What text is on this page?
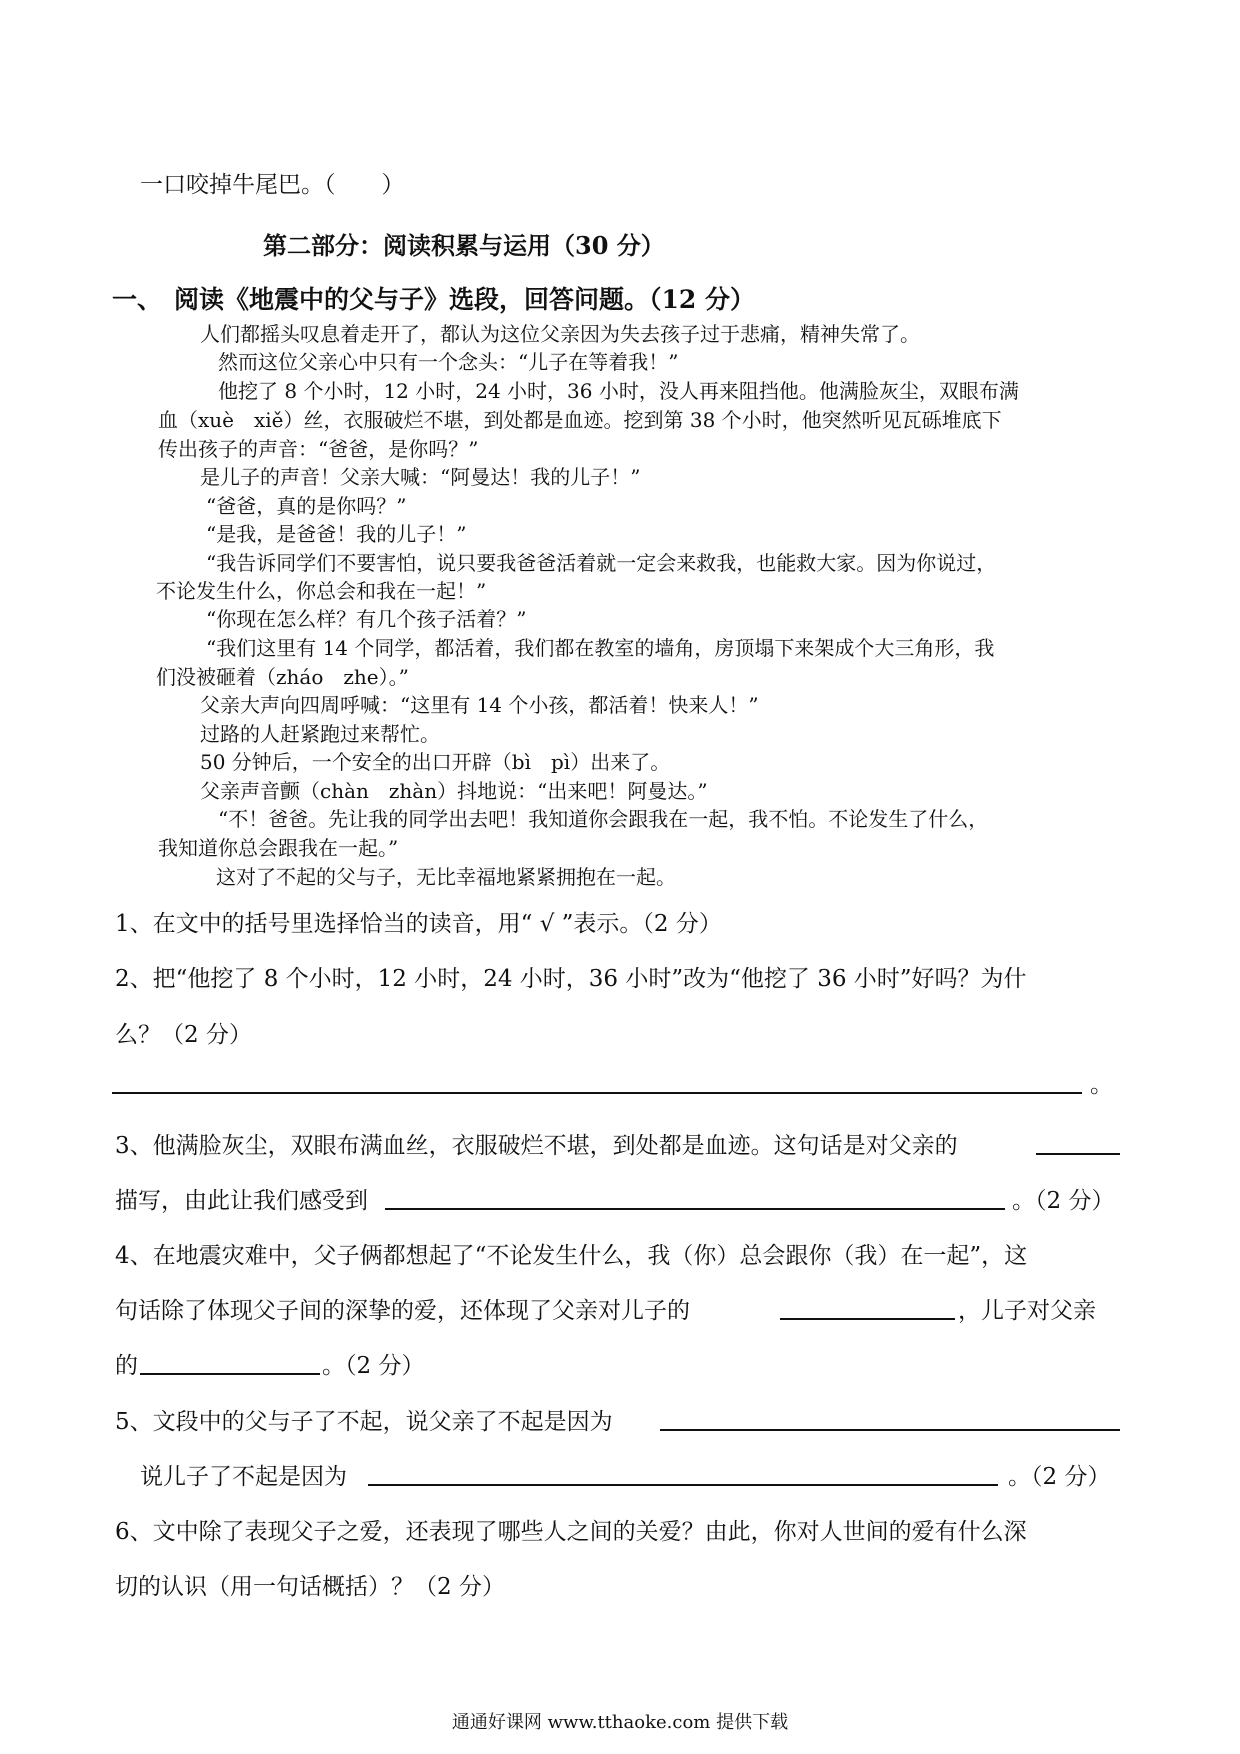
一口咬掉牛尾巴。（　　）
第二部分：阅读积累与运用（30 分）
一、 阅读《地震中的父与子》选段，回答问题。（12 分）
人们都摇头叹息着走开了，都认为这位父亲因为失去孩子过于悲痛，精神失常了。
然而这位父亲心中只有一个念头：“儿子在等着我！”
他挖了 8 个小时，12 小时，24 小时，36 小时，没人再来阻挡他。他满脸灰尘，双眼布满
血（xuè　xiě）丝，衣服破烂不堪，到处都是血迹。挖到第 38 个小时，他突然听见瓦砾堆底下
传出孩子的声音：“爸爸，是你吗？”
是儿子的声音！父亲大喊：“阿曼达！我的儿子！”
“爸爸，真的是你吗？”
“是我，是爸爸！我的儿子！”
“我告诉同学们不要害怕，说只要我爸爸活着就一定会来救我，也能救大家。因为你说过，
不论发生什么，你总会和我在一起！”
“你现在怎么样？有几个孩子活着？”
“我们这里有 14 个同学，都活着，我们都在教室的墙角，房顶塌下来架成个大三角形，我
们没被砸着（zháo　zhe）。”
父亲大声向四周呼喊：“这里有 14 个小孩，都活着！快来人！”
过路的人赶紧跑过来帮忙。
50 分钟后，一个安全的出口开辟（bì　pì）出来了。
父亲声音颤（chàn　zhàn）抖地说：“出来吧！阿曼达。”
“不！爸爸。先让我的同学出去吧！我知道你会跟我在一起，我不怕。不论发生了什么，
我知道你总会跟我在一起。”
这对了不起的父与子，无比幸福地紧紧拥抱在一起。
1、在文中的括号里选择恰当的读音，用“ √ ”表示。（2 分）
2、把“他挖了 8 个小时，12 小时，24 小时，36 小时”改为“他挖了 36 小时”好吗？为什
么？（2 分）
。
3、他满脸灰尘，双眼布满血丝，衣服破烂不堪，到处都是血迹。这句话是对父亲的
描写，由此让我们感受到	。（2 分）
4、在地震灾难中，父子俩都想起了“不论发生什么，我（你）总会跟你（我）在一起”，这
句话除了体现父子间的深挚的爱，还体现了父亲对儿子的	，儿子对父亲
的	。（2 分）
5、文段中的父与子了不起，说父亲了不起是因为
说儿子了不起是因为	。（2 分）
6、文中除了表现父子之爱，还表现了哪些人之间的关爱？由此，你对人世间的爱有什么深
切的认识（用一句话概括）？（2 分）
通通好课网 www.tthaoke.com 提供下载
